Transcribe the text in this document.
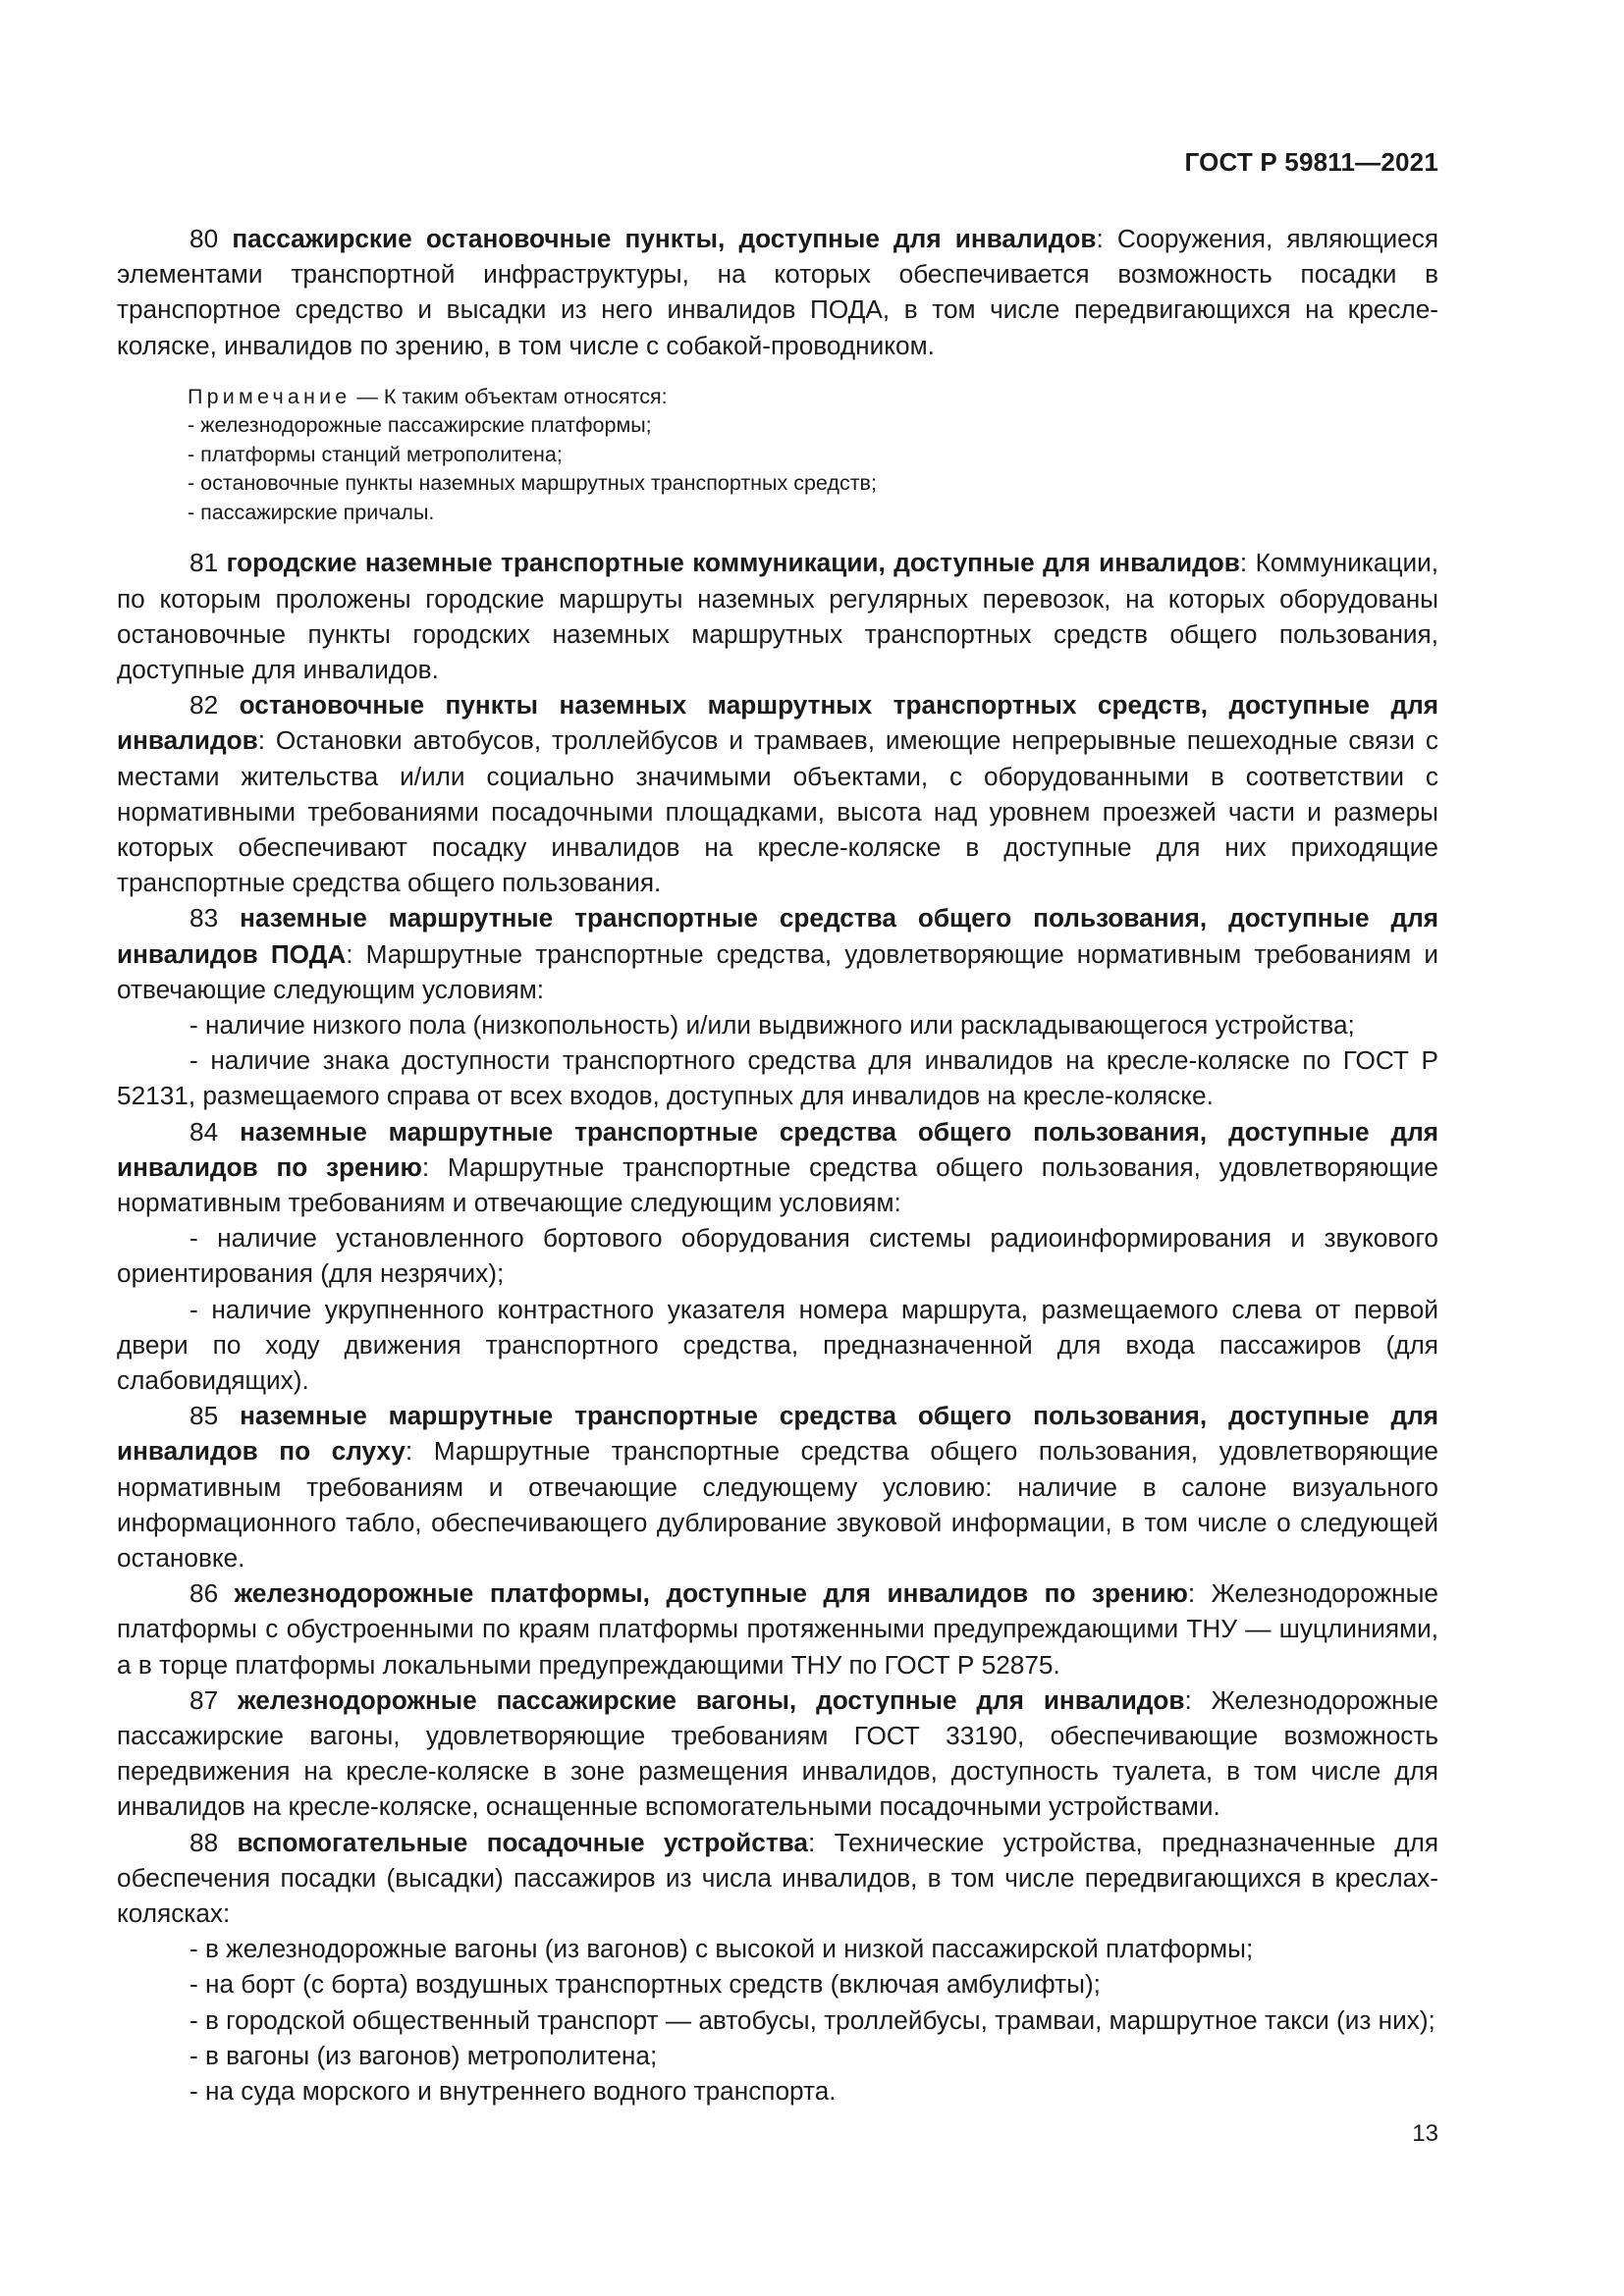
ГОСТ Р 59811—2021

80 пассажирские остановочные пункты, доступные для инвалидов: Сооружения, являющиеся элементами транспортной инфраструктуры, на которых обеспечивается возможность посадки в транспортное средство и высадки из него инвалидов ПОДА, в том числе передвигающихся на кресле-коляске, инвалидов по зрению, в том числе с собакой-проводником.

Примечание — К таким объектам относятся:
- железнодорожные пассажирские платформы;
- платформы станций метрополитена;
- остановочные пункты наземных маршрутных транспортных средств;
- пассажирские причалы.

81 городские наземные транспортные коммуникации, доступные для инвалидов: Коммуникации, по которым проложены городские маршруты наземных регулярных перевозок, на которых оборудованы остановочные пункты городских наземных маршрутных транспортных средств общего пользования, доступные для инвалидов.

82 остановочные пункты наземных маршрутных транспортных средств, доступные для инвалидов: Остановки автобусов, троллейбусов и трамваев, имеющие непрерывные пешеходные связи с местами жительства и/или социально значимыми объектами, с оборудованными в соответствии с нормативными требованиями посадочными площадками, высота над уровнем проезжей части и размеры которых обеспечивают посадку инвалидов на кресле-коляске в доступные для них приходящие транспортные средства общего пользования.

83 наземные маршрутные транспортные средства общего пользования, доступные для инвалидов ПОДА: Маршрутные транспортные средства, удовлетворяющие нормативным требованиям и отвечающие следующим условиям:

- наличие низкого пола (низкопольность) и/или выдвижного или раскладывающегося устройства;

- наличие знака доступности транспортного средства для инвалидов на кресле-коляске по ГОСТ Р 52131, размещаемого справа от всех входов, доступных для инвалидов на кресле-коляске.

84 наземные маршрутные транспортные средства общего пользования, доступные для инвалидов по зрению: Маршрутные транспортные средства общего пользования, удовлетворяющие нормативным требованиям и отвечающие следующим условиям:

- наличие установленного бортового оборудования системы радиоинформирования и звукового ориентирования (для незрячих);

- наличие укрупненного контрастного указателя номера маршрута, размещаемого слева от первой двери по ходу движения транспортного средства, предназначенной для входа пассажиров (для слабовидящих).

85 наземные маршрутные транспортные средства общего пользования, доступные для инвалидов по слуху: Маршрутные транспортные средства общего пользования, удовлетворяющие нормативным требованиям и отвечающие следующему условию: наличие в салоне визуального информационного табло, обеспечивающего дублирование звуковой информации, в том числе о следующей остановке.

86 железнодорожные платформы, доступные для инвалидов по зрению: Железнодорожные платформы с обустроенными по краям платформы протяженными предупреждающими ТНУ — шуцлиниями, а в торце платформы локальными предупреждающими ТНУ по ГОСТ Р 52875.

87 железнодорожные пассажирские вагоны, доступные для инвалидов: Железнодорожные пассажирские вагоны, удовлетворяющие требованиям ГОСТ 33190, обеспечивающие возможность передвижения на кресле-коляске в зоне размещения инвалидов, доступность туалета, в том числе для инвалидов на кресле-коляске, оснащенные вспомогательными посадочными устройствами.

88 вспомогательные посадочные устройства: Технические устройства, предназначенные для обеспечения посадки (высадки) пассажиров из числа инвалидов, в том числе передвигающихся в креслах-колясках:

- в железнодорожные вагоны (из вагонов) с высокой и низкой пассажирской платформы;

- на борт (с борта) воздушных транспортных средств (включая амбулифты);

- в городской общественный транспорт — автобусы, троллейбусы, трамваи, маршрутное такси (из них);

- в вагоны (из вагонов) метрополитена;

- на суда морского и внутреннего водного транспорта.

13
